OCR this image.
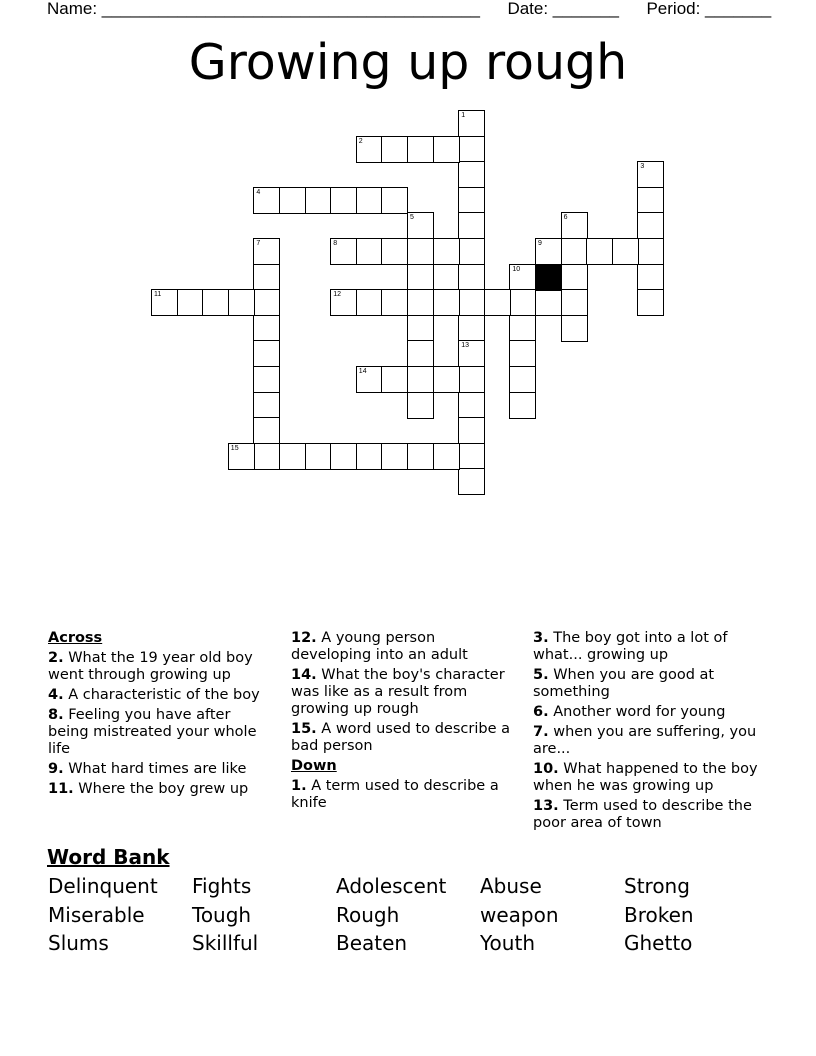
Name: ________________________________________ Date: _______ Period: _______
Growing up rough
1
13
2
3
4
5	6
7	8	9
10
11	12
14
15
Across
2. What the 19 year old boy went through growing up
4. A characteristic of the boy
8. Feeling you have after being mistreated your whole life
9. What hard times are like
11. Where the boy grew up
12. A young person developing into an adult
14. What the boy's character was like as a result from growing up rough
15. A word used to describe a bad person
Down
1. A term used to describe a knife
3. The boy got into a lot of what... growing up
5. When you are good at something
6. Another word for young
7. when you are suffering, you are...
10. What happened to the boy when he was growing up
13. Term used to describe the poor area of town
Word Bank
Delinquent Fights	Adolescent Abuse	Strong
Miserable Tough	Rough	weapon	Broken
Slums	Skillful	Beaten	Youth	Ghetto
